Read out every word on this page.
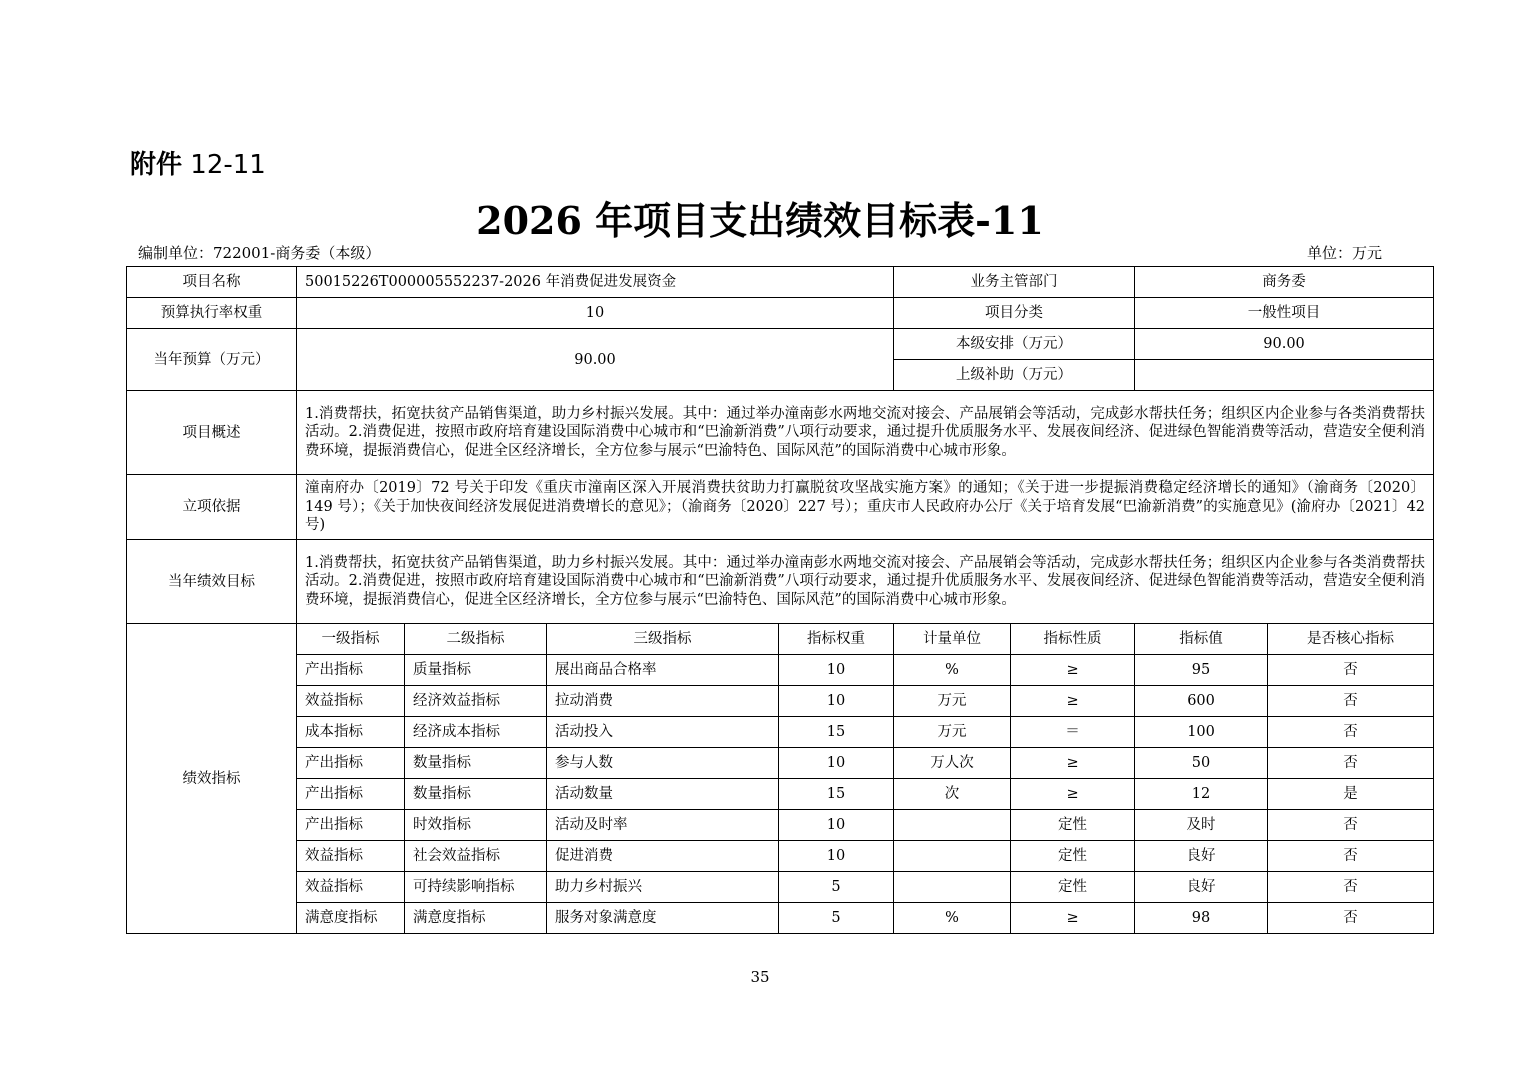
附件 12-11
2026 年项目支出绩效目标表-11
编制单位：722001-商务委（本级）	单位：万元
项目名称	50015226T000005552237-2026 年消费促进发展资金				业务主管部门		商务委	
预算执行率权重	10				项目分类		一般性项目	
当年预算（万元）	90.00				本级安排（万元）		90.00	
					上级补助（万元）			
项目概述	1.消费帮扶，拓宽扶贫产品销售渠道，助力乡村振兴发展。其中：通过举办潼南彭水两地交流对接会、产品展销会等活动，完成彭水帮扶任务；组织区内企业参与各类消费帮扶活动。2.消费促进，按照市政府培育建设国际消费中心城市和“巴渝新消费”八项行动要求，通过提升优质服务水平、发展夜间经济、促进绿色智能消费等活动，营造安全便利消费环境，提振消费信心，促进全区经济增长，全方位参与展示“巴渝特色、国际风范”的国际消费中心城市形象。							
立项依据	潼南府办〔2019〕72 号关于印发《重庆市潼南区深入开展消费扶贫助力打赢脱贫攻坚战实施方案》的通知；《关于进一步提振消费稳定经济增长的通知》（渝商务〔2020〕149 号）；《关于加快夜间经济发展促进消费增长的意见》；（渝商务〔2020〕227 号）；重庆市人民政府办公厅《关于培育发展“巴渝新消费”的实施意见》(渝府办〔2021〕42 号)							
当年绩效目标	1.消费帮扶，拓宽扶贫产品销售渠道，助力乡村振兴发展。其中：通过举办潼南彭水两地交流对接会、产品展销会等活动，完成彭水帮扶任务；组织区内企业参与各类消费帮扶活动。2.消费促进，按照市政府培育建设国际消费中心城市和“巴渝新消费”八项行动要求，通过提升优质服务水平、发展夜间经济、促进绿色智能消费等活动，营造安全便利消费环境，提振消费信心，促进全区经济增长，全方位参与展示“巴渝特色、国际风范”的国际消费中心城市形象。							
绩效指标	一级指标	二级指标	三级指标	指标权重	计量单位	指标性质	指标值	是否核心指标
	产出指标	质量指标	展出商品合格率	10	%	≥	95	否
	效益指标	经济效益指标	拉动消费	10	万元	≥	600	否
	成本指标	经济成本指标	活动投入	15	万元	＝	100	否
	产出指标	数量指标	参与人数	10	万人次	≥	50	否
	产出指标	数量指标	活动数量	15	次	≥	12	是
	产出指标	时效指标	活动及时率	10		定性	及时	否
	效益指标	社会效益指标	促进消费	10		定性	良好	否
	效益指标	可持续影响指标	助力乡村振兴	5		定性	良好	否
	满意度指标	满意度指标	服务对象满意度	5	%	≥	98	否
35
